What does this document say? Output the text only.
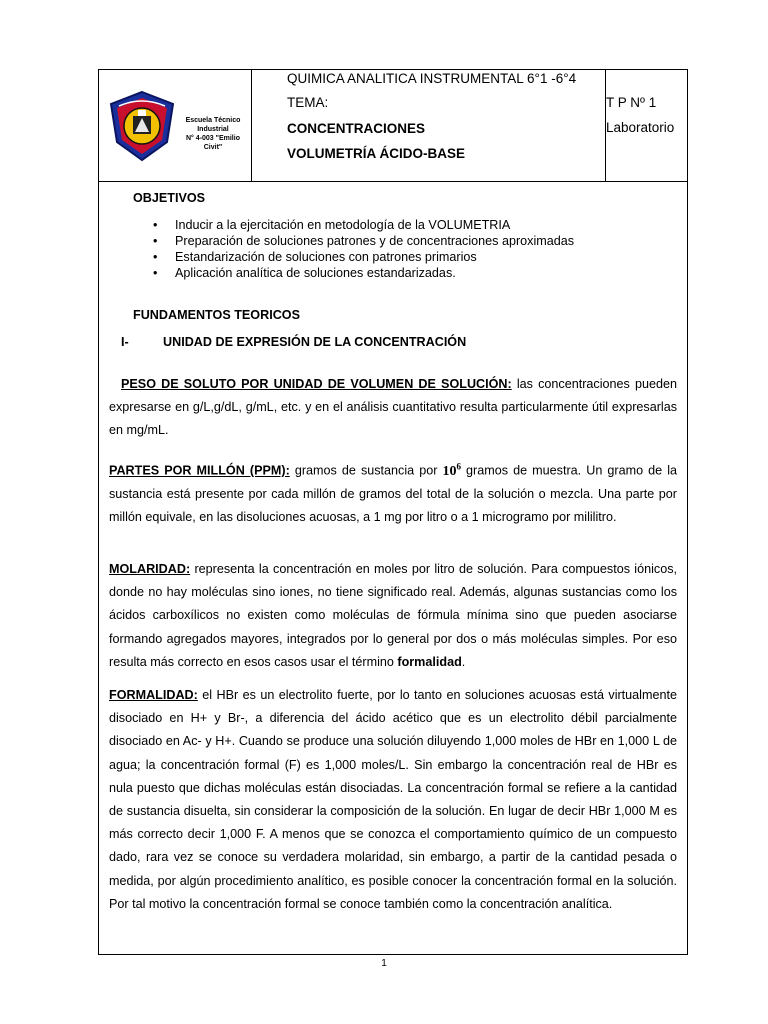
Escuela Técnico Industrial
N° 4-003 "Emilio Civit"
QUIMICA ANALITICA INSTRUMENTAL 6°1 -6°4
TEMA:
CONCENTRACIONES
VOLUMETRÍA ÁCIDO-BASE
T P Nº 1
Laboratorio
OBJETIVOS
• Inducir a la ejercitación en metodología de la VOLUMETRIA
• Preparación de soluciones patrones y de concentraciones aproximadas
• Estandarización de soluciones con patrones primarios
• Aplicación analítica de soluciones estandarizadas.
FUNDAMENTOS TEORICOS
I-	UNIDAD DE EXPRESIÓN DE LA CONCENTRACIÓN
PESO DE SOLUTO POR UNIDAD DE VOLUMEN DE SOLUCIÓN: las concentraciones pueden expresarse en g/L,g/dL, g/mL, etc. y en el análisis cuantitativo resulta particularmente útil expresarlas en mg/mL.
PARTES POR MILLÓN (PPM): gramos de sustancia por $10^6$ gramos de muestra. Un gramo de la sustancia está presente por cada millón de gramos del total de la solución o mezcla. Una parte por millón equivale, en las disoluciones acuosas, a 1 mg por litro o a 1 microgramo por mililitro.
MOLARIDAD: representa la concentración en moles por litro de solución. Para compuestos iónicos, donde no hay moléculas sino iones, no tiene significado real. Además, algunas sustancias como los ácidos carboxílicos no existen como moléculas de fórmula mínima sino que pueden asociarse formando agregados mayores, integrados por lo general por dos o más moléculas simples. Por eso resulta más correcto en esos casos usar el término formalidad.
FORMALIDAD: el HBr es un electrolito fuerte, por lo tanto en soluciones acuosas está virtualmente disociado en H+ y Br-, a diferencia del ácido acético que es un electrolito débil parcialmente disociado en Ac- y H+. Cuando se produce una solución diluyendo 1,000 moles de HBr en 1,000 L de agua; la concentración formal (F) es 1,000 moles/L. Sin embargo la concentración real de HBr es nula puesto que dichas moléculas están disociadas. La concentración formal se refiere a la cantidad de sustancia disuelta, sin considerar la composición de la solución. En lugar de decir HBr 1,000 M es más correcto decir 1,000 F. A menos que se conozca el comportamiento químico de un compuesto dado, rara vez se conoce su verdadera molaridad, sin embargo, a partir de la cantidad pesada o medida, por algún procedimiento analítico, es posible conocer la concentración formal en la solución. Por tal motivo la concentración formal se conoce también como la concentración analítica.
1
